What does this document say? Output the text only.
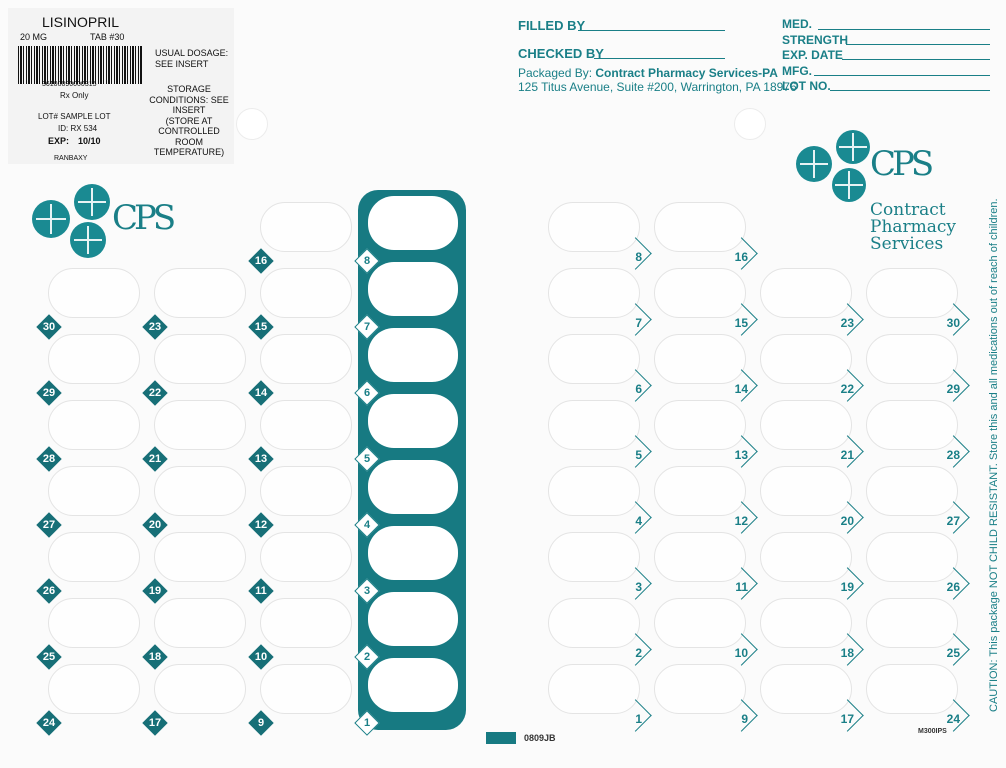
LISINOPRIL
20 MG	TAB #30
36100090000315
Rx Only
LOT# SAMPLE LOT
ID: RX 534
EXP: 10/10
RANBAXY
USUAL DOSAGE:
SEE INSERT
STORAGE
CONDITIONS: SEE
INSERT
(STORE AT
CONTROLLED ROOM
TEMPERATURE)
FILLED BY
CHECKED BY
Packaged By: Contract Pharmacy Services-PA
125 Titus Avenue, Suite #200, Warrington, PA 18976
MED.
STRENGTH
EXP. DATE
MFG.
LOT NO.
CPS
CPS
Contract
Pharmacy
Services
30
29
28
27
26
25
24
23
22
21
20
19
18
17
16
15
14
13
12
11
10
9
8
7
6
5
4
3
2
1
8
7
6
5
4
3
2
1
16
15
14
13
12
11
10
9
23
22
21
20
19
18
17
30
29
28
27
26
25
24
0809JB
M300IPS
CAUTION: This package NOT CHILD RESISTANT. Store this and all medications out of reach of children.
